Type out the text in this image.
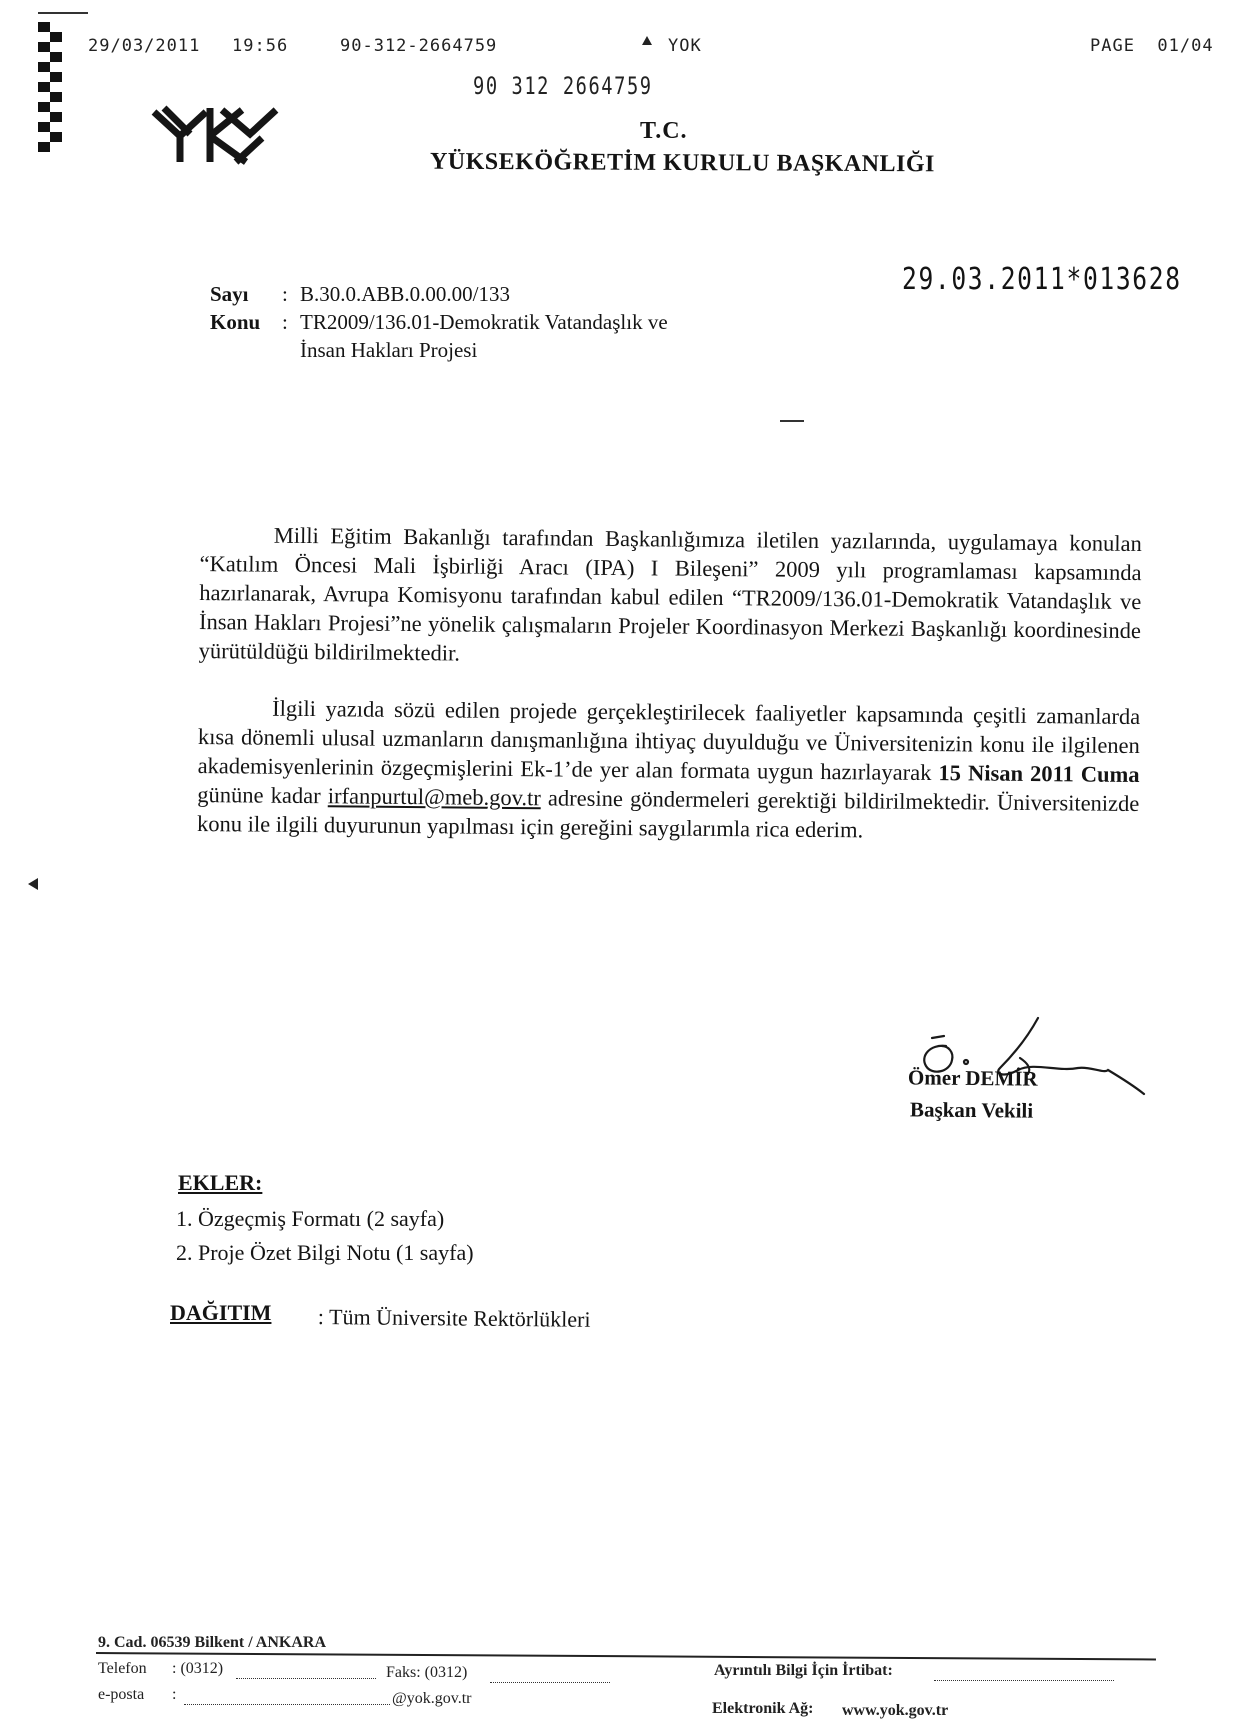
29/03/2011 19:56	90-312-2664759	YOK	PAGE  01/04
90 312 2664759
T.C.
YÜKSEKÖĞRETİM KURULU BAŞKANLIĞI
29.03.2011*013628
Sayı : B.30.0.ABB.0.00.00/133
Konu : TR2009/136.01-Demokratik Vatandaşlık ve
İnsan Hakları Projesi

Milli Eğitim Bakanlığı tarafından Başkanlığımıza iletilen yazılarında, uygulamaya konulan “Katılım Öncesi Mali İşbirliği Aracı (IPA) I Bileşeni” 2009 yılı programlaması kapsamında hazırlanarak, Avrupa Komisyonu tarafından kabul edilen “TR2009/136.01-Demokratik Vatandaşlık ve İnsan Hakları Projesi”ne yönelik çalışmaların Projeler Koordinasyon Merkezi Başkanlığı koordinesinde yürütüldüğü bildirilmektedir.

İlgili yazıda sözü edilen projede gerçekleştirilecek faaliyetler kapsamında çeşitli zamanlarda kısa dönemli ulusal uzmanların danışmanlığına ihtiyaç duyulduğu ve Üniversitenizin konu ile ilgilenen akademisyenlerinin özgeçmişlerini Ek-1’de yer alan formata uygun hazırlayarak 15 Nisan 2011 Cuma gününe kadar irfanpurtul@meb.gov.tr adresine göndermeleri gerektiği bildirilmektedir. Üniversitenizde konu ile ilgili duyurunun yapılması için gereğini saygılarımla rica ederim.

Ömer DEMİR
Başkan Vekili
EKLER:
1. Özgeçmiş Formatı (2 sayfa)
2. Proje Özet Bilgi Notu (1 sayfa)
DAĞITIM : Tüm Üniversite Rektörlükleri
9. Cad. 06539 Bilkent / ANKARA
Telefon : (0312)	Faks: (0312)
e-posta :	@yok.gov.tr
Ayrıntılı Bilgi İçin İrtibat:
Elektronik Ağ: www.yok.gov.tr
